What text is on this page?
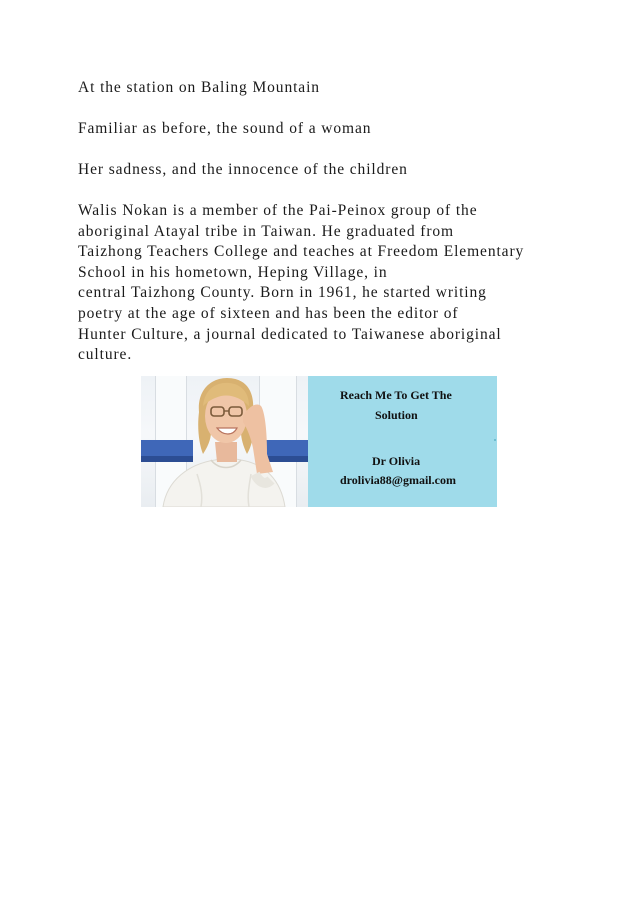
At the station on Baling Mountain

Familiar as before, the sound of a woman

Her sadness, and the innocence of the children

Walis Nokan is a member of the Pai-Peinox group of the
aboriginal Atayal tribe in Taiwan. He graduated from
Taizhong Teachers College and teaches at Freedom Elementary
School in his hometown, Heping Village, in
central Taizhong County. Born in 1961, he started writing
poetry at the age of sixteen and has been the editor of
Hunter Culture, a journal dedicated to Taiwanese aboriginal
culture.

Reach Me To Get The
Solution
Dr Olivia
drolivia88@gmail.com
